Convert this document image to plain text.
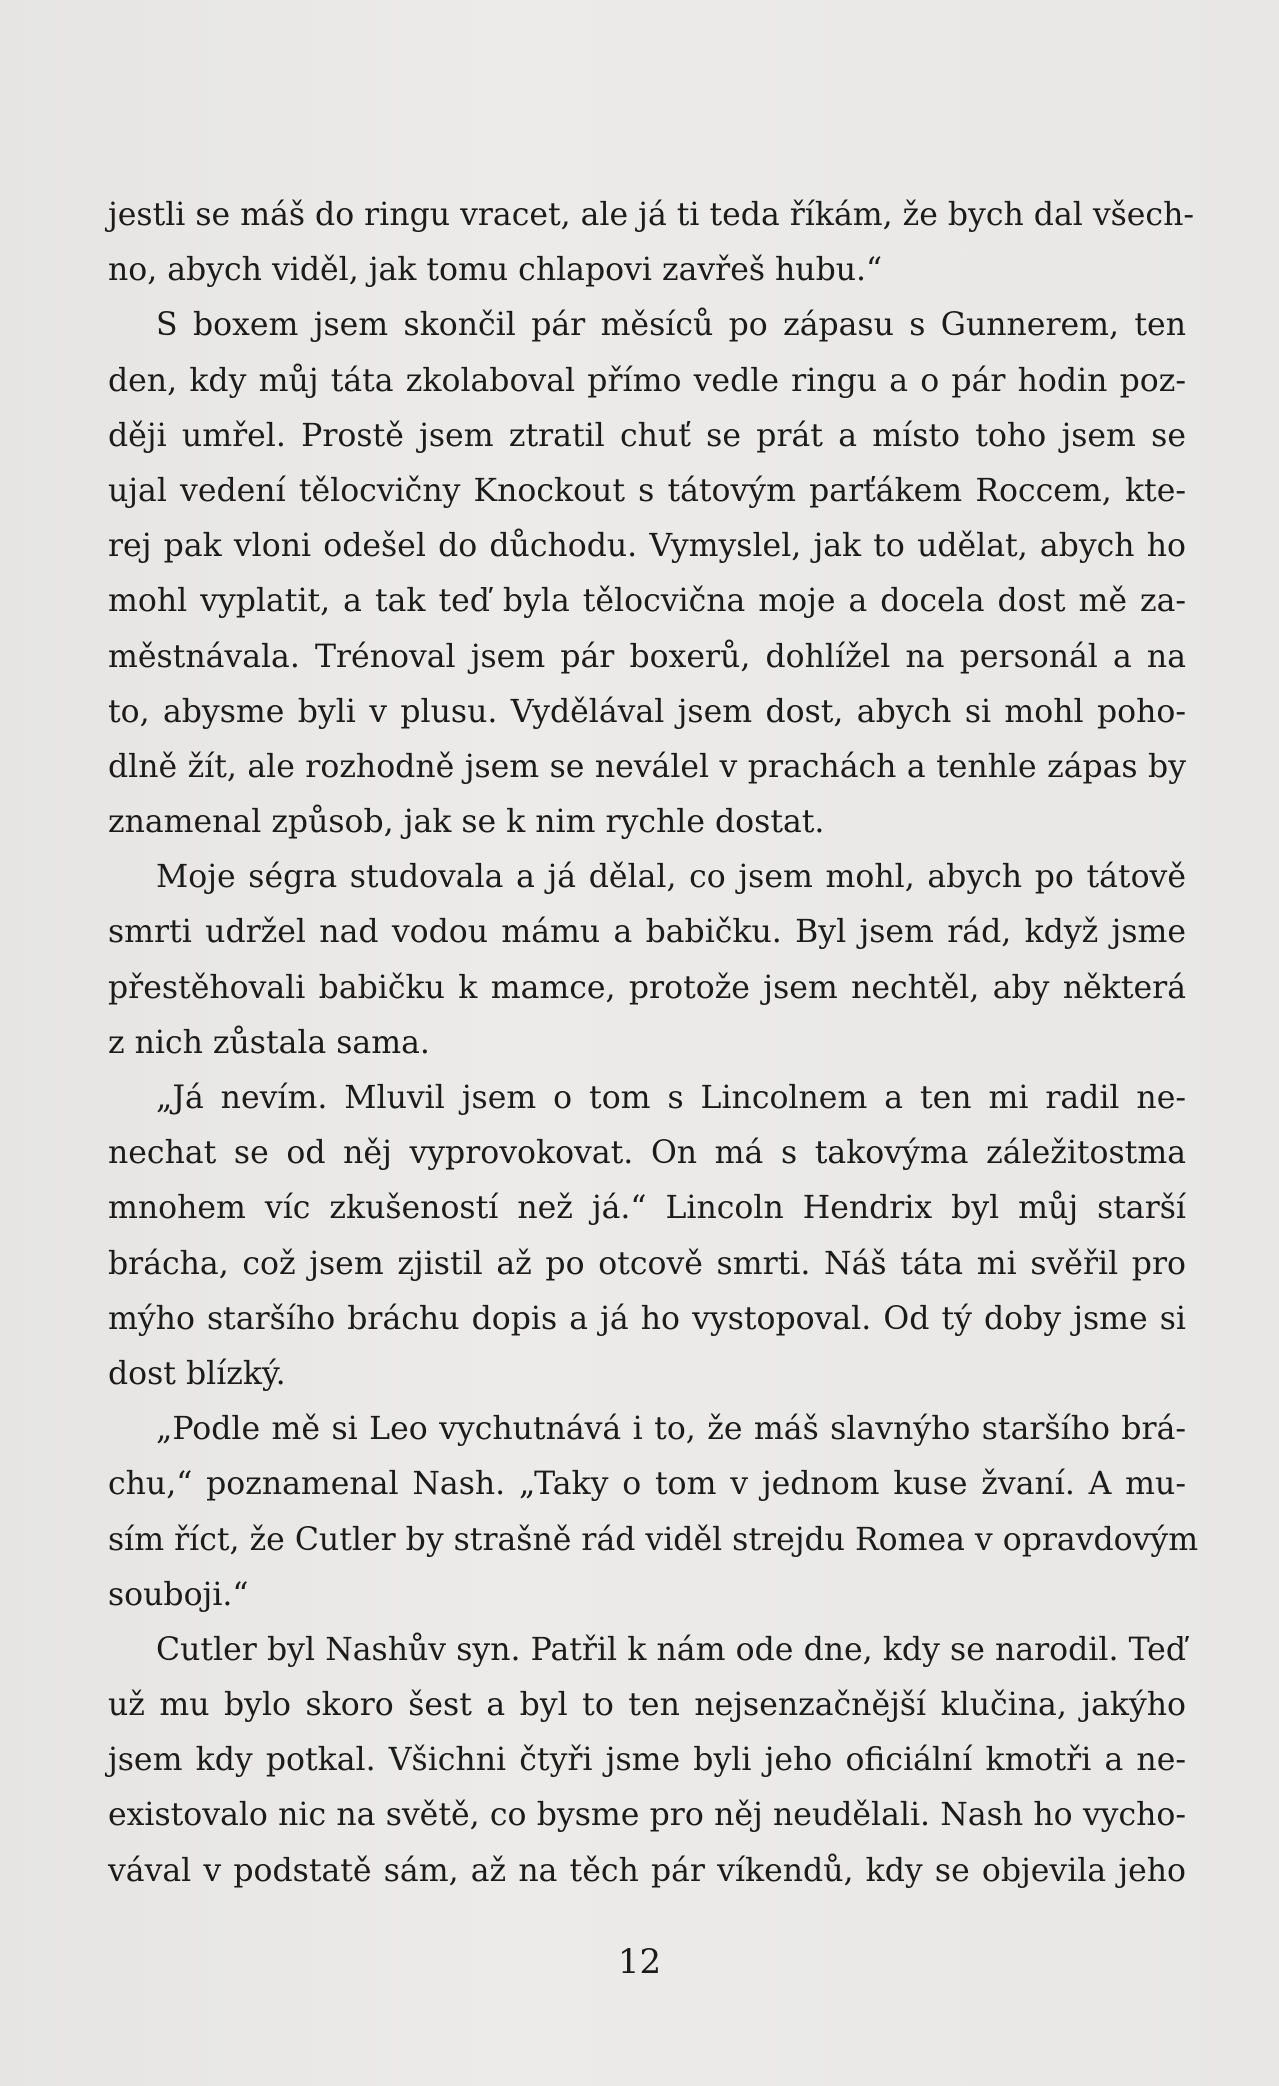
jestli se máš do ringu vracet, ale já ti teda říkám, že bych dal všech-
no, abych viděl, jak tomu chlapovi zavřeš hubu.“
S boxem jsem skončil pár měsíců po zápasu s Gunnerem, ten
den, kdy můj táta zkolaboval přímo vedle ringu a o pár hodin poz-
ději umřel. Prostě jsem ztratil chuť se prát a místo toho jsem se
ujal vedení tělocvičny Knockout s tátovým parťákem Roccem, kte-
rej pak vloni odešel do důchodu. Vymyslel, jak to udělat, abych ho
mohl vyplatit, a tak teď byla tělocvična moje a docela dost mě za-
městnávala. Trénoval jsem pár boxerů, dohlížel na personál a na
to, abysme byli v plusu. Vydělával jsem dost, abych si mohl poho-
dlně žít, ale rozhodně jsem se neválel v prachách a tenhle zápas by
znamenal způsob, jak se k nim rychle dostat.
Moje ségra studovala a já dělal, co jsem mohl, abych po tátově
smrti udržel nad vodou mámu a babičku. Byl jsem rád, když jsme
přestěhovali babičku k mamce, protože jsem nechtěl, aby některá
z nich zůstala sama.
„Já nevím. Mluvil jsem o tom s Lincolnem a ten mi radil ne-
nechat se od něj vyprovokovat. On má s takovýma záležitostma
mnohem víc zkušeností než já.“ Lincoln Hendrix byl můj starší
brácha, což jsem zjistil až po otcově smrti. Náš táta mi svěřil pro
mýho staršího bráchu dopis a já ho vystopoval. Od tý doby jsme si
dost blízký.
„Podle mě si Leo vychutnává i to, že máš slavnýho staršího brá-
chu,“ poznamenal Nash. „Taky o tom v jednom kuse žvaní. A mu-
sím říct, že Cutler by strašně rád viděl strejdu Romea v opravdovým
souboji.“
Cutler byl Nashův syn. Patřil k nám ode dne, kdy se narodil. Teď
už mu bylo skoro šest a byl to ten nejsenzačnější klučina, jakýho
jsem kdy potkal. Všichni čtyři jsme byli jeho oficiální kmotři a ne-
existovalo nic na světě, co bysme pro něj neudělali. Nash ho vycho-
vával v podstatě sám, až na těch pár víkendů, kdy se objevila jeho
12
